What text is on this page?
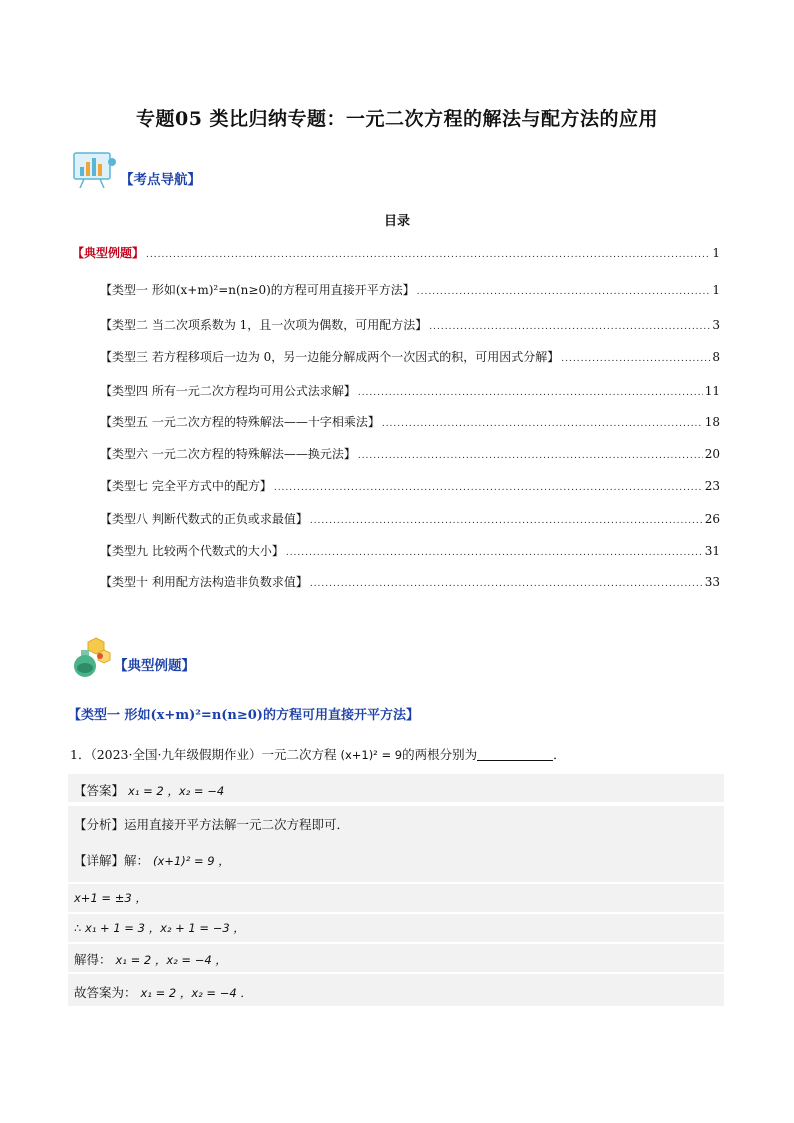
专题05 类比归纳专题：一元二次方程的解法与配方法的应用
【考点导航】
目录
【典型例题】 .....	1
【类型一 形如(x+m)²=n(n≥0)的方程可用直接开平方法】 .....	1
【类型二 当二次项系数为 1，且一次项为偶数，可用配方法】 .....	3
【类型三 若方程移项后一边为 0，另一边能分解成两个一次因式的积，可用因式分解】 .....	8
【类型四 所有一元二次方程均可用公式法求解】 .....	11
【类型五 一元二次方程的特殊解法——十字相乘法】 .....	18
【类型六 一元二次方程的特殊解法——换元法】 .....	20
【类型七 完全平方式中的配方】 .....	23
【类型八 判断代数式的正负或求最值】 .....	26
【类型九 比较两个代数式的大小】 .....	31
【类型十 利用配方法构造非负数求值】 .....	33
【典型例题】
【类型一 形如(x+m)²=n(n≥0)的方程可用直接开平方法】
1．（2023·全国·九年级假期作业）一元二次方程 (x+1)² = 9的两根分别为	．
【答案】 x₁ = 2 ，x₂ = −4
【分析】运用直接开平方法解一元二次方程即可．
【详解】解： (x+1)² = 9 ，
x+1 = ±3 ，
∴ x₁ + 1 = 3 ，x₂ + 1 = −3 ，
解得： x₁ = 2 ，x₂ = −4 ，
故答案为： x₁ = 2 ，x₂ = −4 ．
